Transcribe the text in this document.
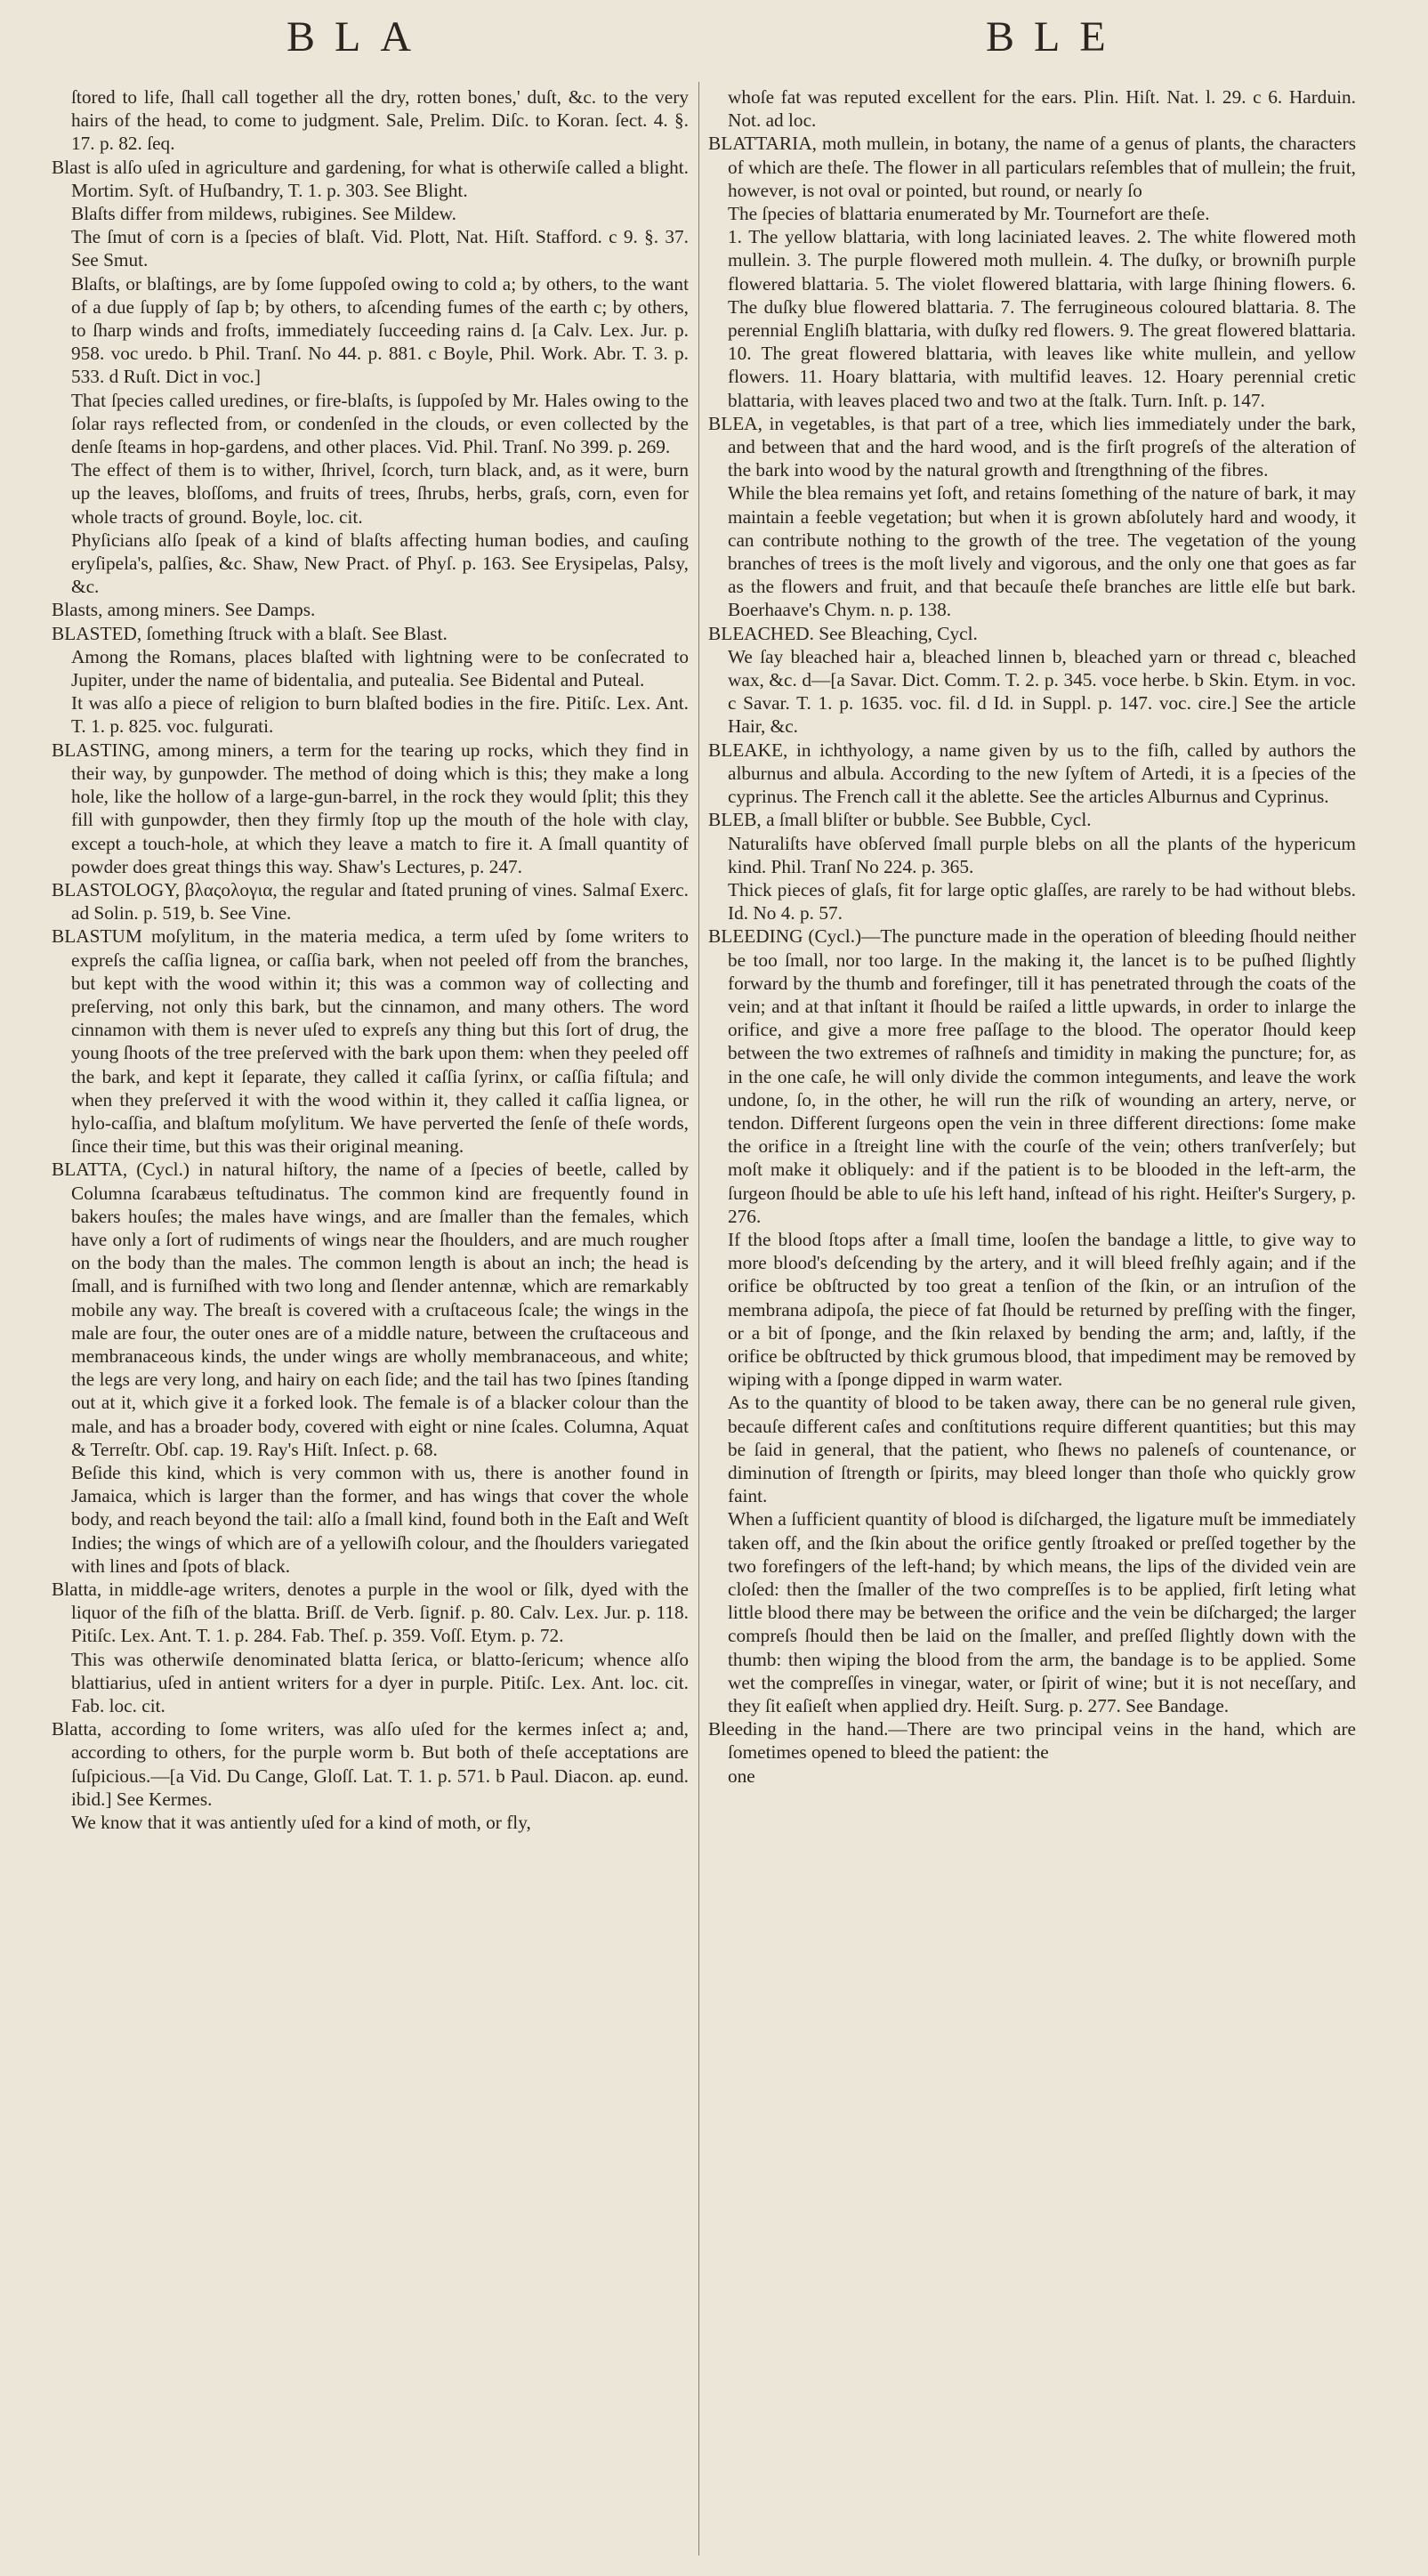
BLA	BLE

ſtored to life, ſhall call together all the dry, rotten bones,' duſt, &c. to the very hairs of the head, to come to judgment. Sale, Prelim. Diſc. to Koran. ſect. 4. §. 17. p. 82. ſeq.

Blast is alſo uſed in agriculture and gardening, for what is otherwiſe called a blight. Mortim. Syſt. of Huſbandry, T. 1. p. 303. See Blight.

Blaſts differ from mildews, rubigines. See Mildew.

The ſmut of corn is a ſpecies of blaſt. Vid. Plott, Nat. Hiſt. Stafford. c 9. §. 37. See Smut.

Blaſts, or blaſtings, are by ſome ſuppoſed owing to cold a; by others, to the want of a due ſupply of ſap b; by others, to aſcending fumes of the earth c; by others, to ſharp winds and froſts, immediately ſucceeding rains d. [a Calv. Lex. Jur. p. 958. voc uredo. b Phil. Tranſ. No 44. p. 881. c Boyle, Phil. Work. Abr. T. 3. p. 533. d Ruſt. Dict in voc.]

That ſpecies called uredines, or fire-blaſts, is ſuppoſed by Mr. Hales owing to the ſolar rays reflected from, or condenſed in the clouds, or even collected by the denſe ſteams in hop-gardens, and other places. Vid. Phil. Tranſ. No 399. p. 269.

The effect of them is to wither, ſhrivel, ſcorch, turn black, and, as it were, burn up the leaves, bloſſoms, and fruits of trees, ſhrubs, herbs, graſs, corn, even for whole tracts of ground. Boyle, loc. cit.

Phyſicians alſo ſpeak of a kind of blaſts affecting human bodies, and cauſing eryſipela's, palſies, &c. Shaw, New Pract. of Phyſ. p. 163. See Erysipelas, Palsy, &c.

Blasts, among miners. See Damps.

BLASTED, ſomething ſtruck with a blaſt. See Blast.

Among the Romans, places blaſted with lightning were to be conſecrated to Jupiter, under the name of bidentalia, and putealia. See Bidental and Puteal.

It was alſo a piece of religion to burn blaſted bodies in the fire. Pitiſc. Lex. Ant. T. 1. p. 825. voc. fulgurati.

BLASTING, among miners, a term for the tearing up rocks, which they find in their way, by gunpowder. The method of doing which is this; they make a long hole, like the hollow of a large-gun-barrel, in the rock they would ſplit; this they fill with gunpowder, then they firmly ſtop up the mouth of the hole with clay, except a touch-hole, at which they leave a match to fire it. A ſmall quantity of powder does great things this way. Shaw's Lectures, p. 247.

BLASTOLOGY, βλαςολογια, the regular and ſtated pruning of vines. Salmaſ Exerc. ad Solin. p. 519, b. See Vine.

BLASTUM moſylitum, in the materia medica, a term uſed by ſome writers to expreſs the caſſia lignea, or caſſia bark, when not peeled off from the branches, but kept with the wood within it; this was a common way of collecting and preſerving, not only this bark, but the cinnamon, and many others. The word cinnamon with them is never uſed to expreſs any thing but this ſort of drug, the young ſhoots of the tree preſerved with the bark upon them: when they peeled off the bark, and kept it ſeparate, they called it caſſia ſyrinx, or caſſia fiſtula; and when they preſerved it with the wood within it, they called it caſſia lignea, or hylo-caſſia, and blaſtum moſylitum. We have perverted the ſenſe of theſe words, ſince their time, but this was their original meaning.

BLATTA, (Cycl.) in natural hiſtory, the name of a ſpecies of beetle, called by Columna ſcarabæus teſtudinatus. The common kind are frequently found in bakers houſes; the males have wings, and are ſmaller than the females, which have only a ſort of rudiments of wings near the ſhoulders, and are much rougher on the body than the males. The common length is about an inch; the head is ſmall, and is furniſhed with two long and ſlender antennæ, which are remarkably mobile any way. The breaſt is covered with a cruſtaceous ſcale; the wings in the male are four, the outer ones are of a middle nature, between the cruſtaceous and membranaceous kinds, the under wings are wholly membranaceous, and white; the legs are very long, and hairy on each ſide; and the tail has two ſpines ſtanding out at it, which give it a forked look. The female is of a blacker colour than the male, and has a broader body, covered with eight or nine ſcales. Columna, Aquat & Terreſtr. Obſ. cap. 19. Ray's Hiſt. Inſect. p. 68.

Beſide this kind, which is very common with us, there is another found in Jamaica, which is larger than the former, and has wings that cover the whole body, and reach beyond the tail: alſo a ſmall kind, found both in the Eaſt and Weſt Indies; the wings of which are of a yellowiſh colour, and the ſhoulders variegated with lines and ſpots of black.

Blatta, in middle-age writers, denotes a purple in the wool or ſilk, dyed with the liquor of the fiſh of the blatta. Briſſ. de Verb. ſignif. p. 80. Calv. Lex. Jur. p. 118. Pitiſc. Lex. Ant. T. 1. p. 284. Fab. Theſ. p. 359. Voſſ. Etym. p. 72.

This was otherwiſe denominated blatta ſerica, or blatto-ſericum; whence alſo blattiarius, uſed in antient writers for a dyer in purple. Pitiſc. Lex. Ant. loc. cit. Fab. loc. cit.

Blatta, according to ſome writers, was alſo uſed for the kermes inſect a; and, according to others, for the purple worm b. But both of theſe acceptations are ſuſpicious.—[a Vid. Du Cange, Gloſſ. Lat. T. 1. p. 571. b Paul. Diacon. ap. eund. ibid.] See Kermes.

We know that it was antiently uſed for a kind of moth, or fly,

whoſe fat was reputed excellent for the ears. Plin. Hiſt. Nat. l. 29. c 6. Harduin. Not. ad loc.

BLATTARIA, moth mullein, in botany, the name of a genus of plants, the characters of which are theſe. The flower in all particulars reſembles that of mullein; the fruit, however, is not oval or pointed, but round, or nearly ſo

The ſpecies of blattaria enumerated by Mr. Tournefort are theſe.

1. The yellow blattaria, with long laciniated leaves. 2. The white flowered moth mullein. 3. The purple flowered moth mullein. 4. The duſky, or browniſh purple flowered blattaria. 5. The violet flowered blattaria, with large ſhining flowers. 6. The duſky blue flowered blattaria. 7. The ferrugineous coloured blattaria. 8. The perennial Engliſh blattaria, with duſky red flowers. 9. The great flowered blattaria. 10. The great flowered blattaria, with leaves like white mullein, and yellow flowers. 11. Hoary blattaria, with multifid leaves. 12. Hoary perennial cretic blattaria, with leaves placed two and two at the ſtalk. Turn. Inſt. p. 147.

BLEA, in vegetables, is that part of a tree, which lies immediately under the bark, and between that and the hard wood, and is the firſt progreſs of the alteration of the bark into wood by the natural growth and ſtrengthning of the fibres.

While the blea remains yet ſoft, and retains ſomething of the nature of bark, it may maintain a feeble vegetation; but when it is grown abſolutely hard and woody, it can contribute nothing to the growth of the tree. The vegetation of the young branches of trees is the moſt lively and vigorous, and the only one that goes as far as the flowers and fruit, and that becauſe theſe branches are little elſe but bark. Boerhaave's Chym. n. p. 138.

BLEACHED. See Bleaching, Cycl.

We ſay bleached hair a, bleached linnen b, bleached yarn or thread c, bleached wax, &c. d—[a Savar. Dict. Comm. T. 2. p. 345. voce herbe. b Skin. Etym. in voc. c Savar. T. 1. p. 1635. voc. fil. d Id. in Suppl. p. 147. voc. cire.] See the article Hair, &c.

BLEAKE, in ichthyology, a name given by us to the fiſh, called by authors the alburnus and albula. According to the new ſyſtem of Artedi, it is a ſpecies of the cyprinus. The French call it the ablette. See the articles Alburnus and Cyprinus.

BLEB, a ſmall bliſter or bubble. See Bubble, Cycl.

Naturaliſts have obſerved ſmall purple blebs on all the plants of the hypericum kind. Phil. Tranſ No 224. p. 365.

Thick pieces of glaſs, fit for large optic glaſſes, are rarely to be had without blebs. Id. No 4. p. 57.

BLEEDING (Cycl.)—The puncture made in the operation of bleeding ſhould neither be too ſmall, nor too large. In the making it, the lancet is to be puſhed ſlightly forward by the thumb and forefinger, till it has penetrated through the coats of the vein; and at that inſtant it ſhould be raiſed a little upwards, in order to inlarge the orifice, and give a more free paſſage to the blood. The operator ſhould keep between the two extremes of raſhneſs and timidity in making the puncture; for, as in the one caſe, he will only divide the common integuments, and leave the work undone, ſo, in the other, he will run the riſk of wounding an artery, nerve, or tendon. Different ſurgeons open the vein in three different directions: ſome make the orifice in a ſtreight line with the courſe of the vein; others tranſverſely; but moſt make it obliquely: and if the patient is to be blooded in the left-arm, the ſurgeon ſhould be able to uſe his left hand, inſtead of his right. Heiſter's Surgery, p. 276.

If the blood ſtops after a ſmall time, looſen the bandage a little, to give way to more blood's deſcending by the artery, and it will bleed freſhly again; and if the orifice be obſtructed by too great a tenſion of the ſkin, or an intruſion of the membrana adipoſa, the piece of fat ſhould be returned by preſſing with the finger, or a bit of ſponge, and the ſkin relaxed by bending the arm; and, laſtly, if the orifice be obſtructed by thick grumous blood, that impediment may be removed by wiping with a ſponge dipped in warm water.

As to the quantity of blood to be taken away, there can be no general rule given, becauſe different caſes and conſtitutions require different quantities; but this may be ſaid in general, that the patient, who ſhews no paleneſs of countenance, or diminution of ſtrength or ſpirits, may bleed longer than thoſe who quickly grow faint.

When a ſufficient quantity of blood is diſcharged, the ligature muſt be immediately taken off, and the ſkin about the orifice gently ſtroaked or preſſed together by the two forefingers of the left-hand; by which means, the lips of the divided vein are cloſed: then the ſmaller of the two compreſſes is to be applied, firſt leting what little blood there may be between the orifice and the vein be diſcharged; the larger compreſs ſhould then be laid on the ſmaller, and preſſed ſlightly down with the thumb: then wiping the blood from the arm, the bandage is to be applied. Some wet the compreſſes in vinegar, water, or ſpirit of wine; but it is not neceſſary, and they ſit eaſieſt when applied dry. Heiſt. Surg. p. 277. See Bandage.

Bleeding in the hand.—There are two principal veins in the hand, which are ſometimes opened to bleed the patient: the

one
